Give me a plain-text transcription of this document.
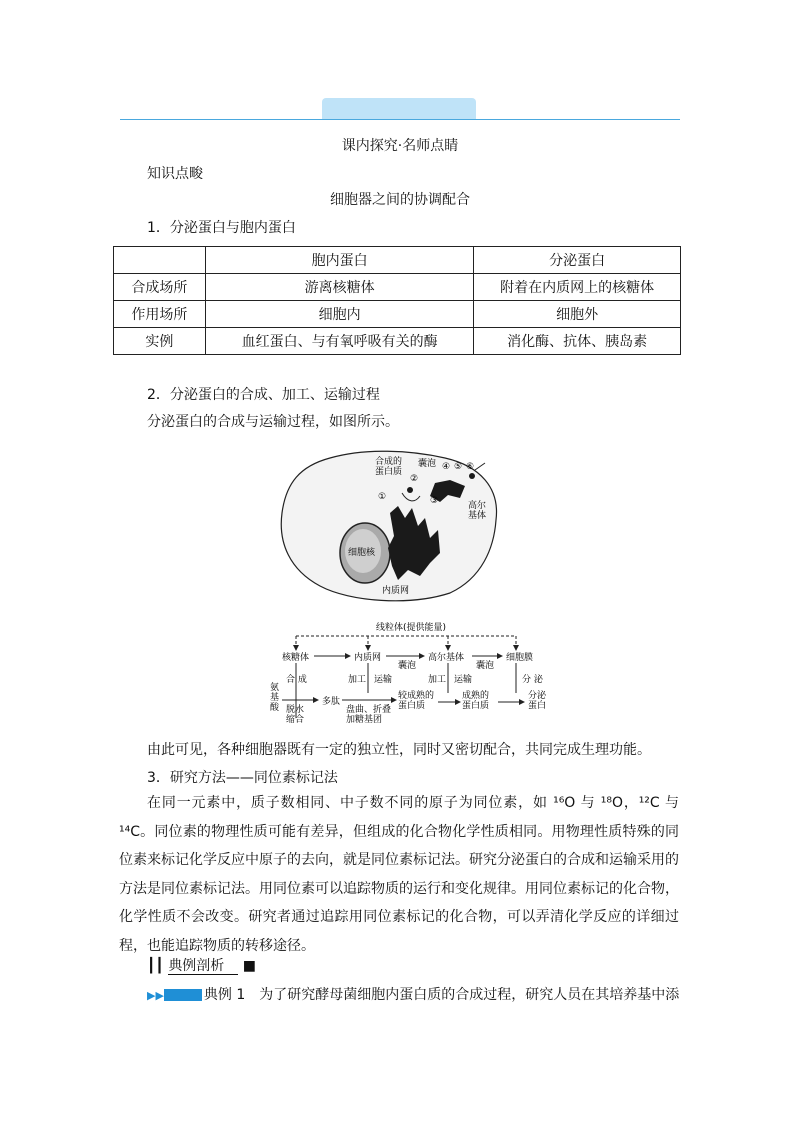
课内探究·名师点睛
知识点畯
细胞器之间的协调配合
1．分泌蛋白与胞内蛋白
	胞内蛋白	分泌蛋白
合成场所	游离核糖体	附着在内质网上的核糖体
作用场所	细胞内	细胞外
实例	血红蛋白、与有氧呼吸有关的酶	消化酶、抗体、胰岛素
2．分泌蛋白的合成、加工、运输过程
分泌蛋白的合成与运输过程，如图所示。
合成的
蛋白质
囊泡 ④ ⑤ ⑥
①
②
③	高尔
基体
细胞核
内质网
线粒体(提供能量)
核糖体	内质网	高尔基体	细胞膜
囊泡	囊泡
合 成	分 泌
加工 运输	加工 运输
氨
基
酸 脱水
缩合
多肽
盘曲、折叠
加糖基团
较成熟的
蛋白质
成熟的
蛋白质
分泌
蛋白
由此可见，各种细胞器既有一定的独立性，同时又密切配合，共同完成生理功能。
3．研究方法——同位素标记法
在同一元素中，质子数相同、中子数不同的原子为同位素，如 ¹⁶O 与 ¹⁸O，¹²C 与 ¹⁴C。同位素的物理性质可能有差异，但组成的化合物化学性质相同。用物理性质特殊的同位素来标记化学反应中原子的去向，就是同位素标记法。研究分泌蛋白的合成和运输采用的方法是同位素标记法。用同位素可以追踪物质的运行和变化规律。用同位素标记的化合物，化学性质不会改变。研究者通过追踪用同位素标记的化合物，可以弄清化学反应的详细过程，也能追踪物质的转移途径。
┃┃ 典例剖析 ■
▶▶	典例 1　 为了研究酵母菌细胞内蛋白质的合成过程，研究人员在其培养基中添
